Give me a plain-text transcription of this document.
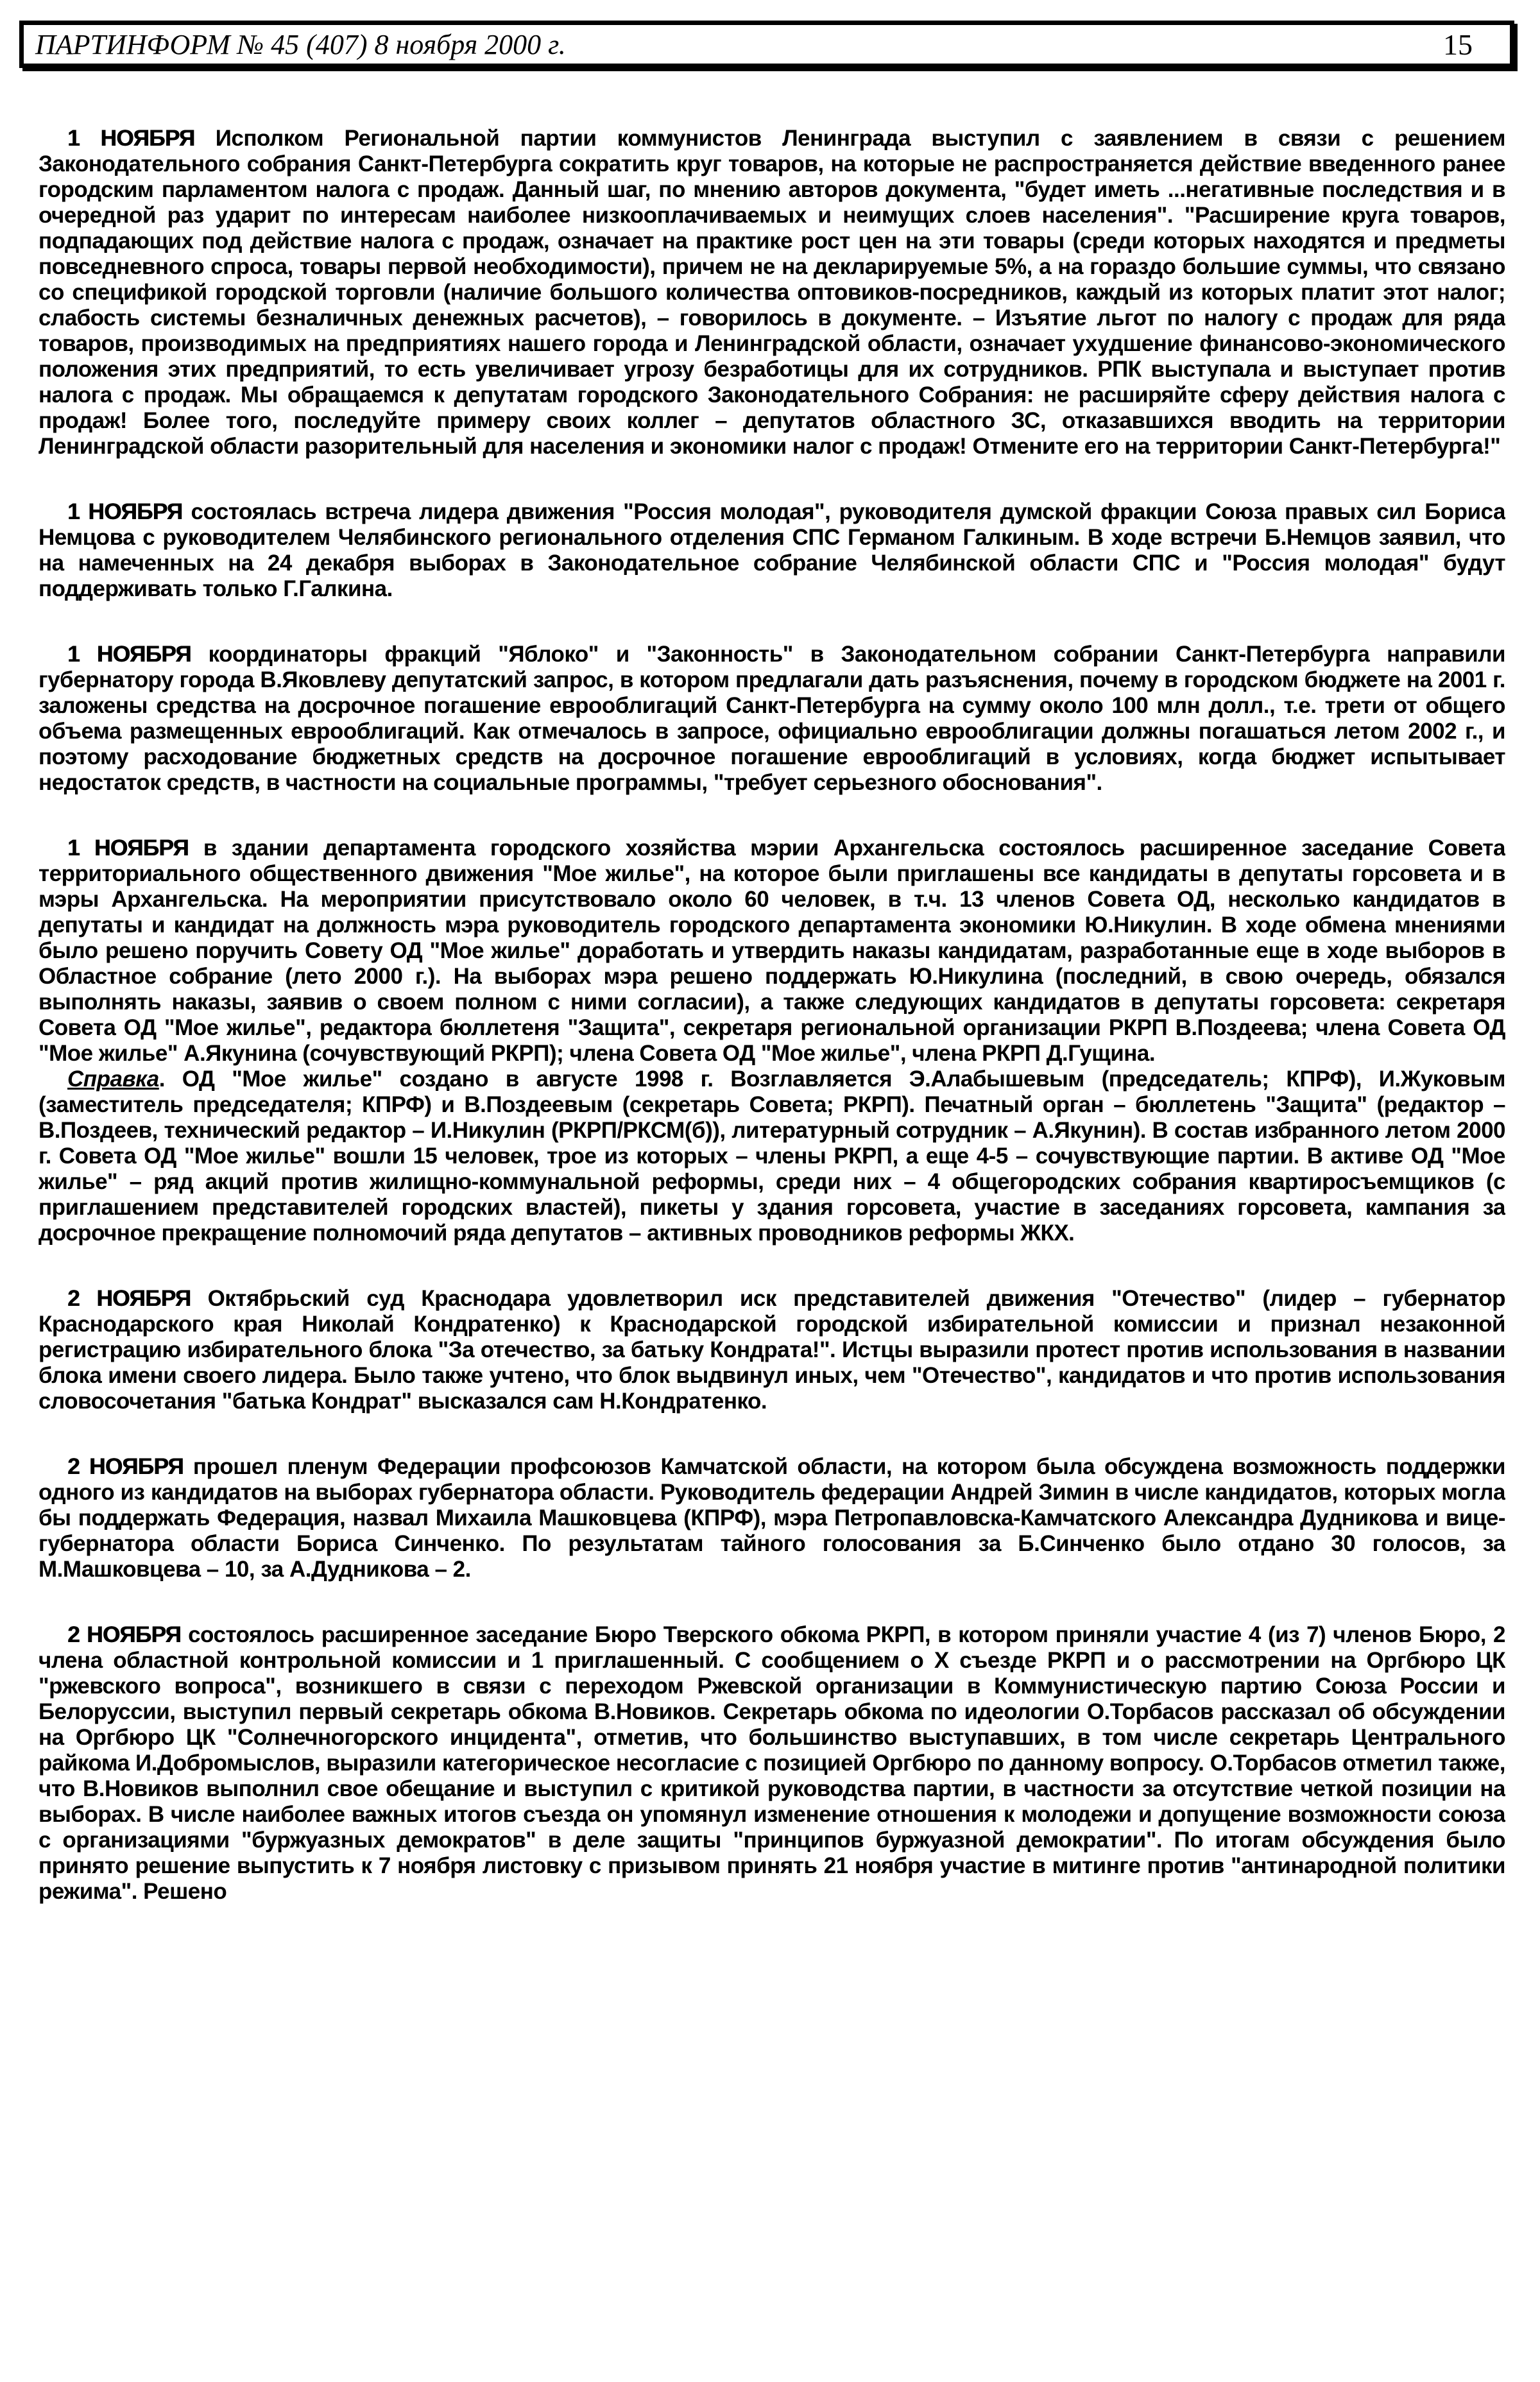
ПАРТИНФОРМ № 45 (407) 8 ноября 2000 г.	15

1 НОЯБРЯ Исполком Региональной партии коммунистов Ленинграда выступил с заявлением в связи с решением Законодательного собрания Санкт-Петербурга сократить круг товаров, на которые не распространяется действие введенного ранее городским парламентом налога с продаж. Данный шаг, по мнению авторов документа, "будет иметь ...негативные последствия и в очередной раз ударит по интересам наиболее низкооплачиваемых и неимущих слоев населения". "Расширение круга товаров, подпадающих под действие налога с продаж, означает на практике рост цен на эти товары (среди которых находятся и предметы повседневного спроса, товары первой необходимости), причем не на декларируемые 5%, а на гораздо большие суммы, что связано со спецификой городской торговли (наличие большого количества оптовиков-посредников, каждый из которых платит этот налог; слабость системы безналичных денежных расчетов), – говорилось в документе. – Изъятие льгот по налогу с продаж для ряда товаров, производимых на предприятиях нашего города и Ленинградской области, означает ухудшение финансово-экономического положения этих предприятий, то есть увеличивает угрозу безработицы для их сотрудников. РПК выступала и выступает против налога с продаж. Мы обращаемся к депутатам городского Законодательного Собрания: не расширяйте сферу действия налога с продаж! Более того, последуйте примеру своих коллег – депутатов областного ЗС, отказавшихся вводить на территории Ленинградской области разорительный для населения и экономики налог с продаж! Отмените его на территории Санкт-Петербурга!"

1 НОЯБРЯ состоялась встреча лидера движения "Россия молодая", руководителя думской фракции Союза правых сил Бориса Немцова с руководителем Челябинского регионального отделения СПС Германом Галкиным. В ходе встречи Б.Немцов заявил, что на намеченных на 24 декабря выборах в Законодательное собрание Челябинской области СПС и "Россия молодая" будут поддерживать только Г.Галкина.

1 НОЯБРЯ координаторы фракций "Яблоко" и "Законность" в Законодательном собрании Санкт-Петербурга направили губернатору города В.Яковлеву депутатский запрос, в котором предлагали дать разъяснения, почему в городском бюджете на 2001 г. заложены средства на досрочное погашение еврооблигаций Санкт-Петербурга на сумму около 100 млн долл., т.е. трети от общего объема размещенных еврооблигаций. Как отмечалось в запросе, официально еврооблигации должны погашаться летом 2002 г., и поэтому расходование бюджетных средств на досрочное погашение еврооблигаций в условиях, когда бюджет испытывает недостаток средств, в частности на социальные программы, "требует серьезного обоснования".

1 НОЯБРЯ в здании департамента городского хозяйства мэрии Архангельска состоялось расширенное заседание Совета территориального общественного движения "Мое жилье", на которое были приглашены все кандидаты в депутаты горсовета и в мэры Архангельска. На мероприятии присутствовало около 60 человек, в т.ч. 13 членов Совета ОД, несколько кандидатов в депутаты и кандидат на должность мэра руководитель городского департамента экономики Ю.Никулин. В ходе обмена мнениями было решено поручить Совету ОД "Мое жилье" доработать и утвердить наказы кандидатам, разработанные еще в ходе выборов в Областное собрание (лето 2000 г.). На выборах мэра решено поддержать Ю.Никулина (последний, в свою очередь, обязался выполнять наказы, заявив о своем полном с ними согласии), а также следующих кандидатов в депутаты горсовета: секретаря Совета ОД "Мое жилье", редактора бюллетеня "Защита", секретаря региональной организации РКРП В.Поздеева; члена Совета ОД "Мое жилье" А.Якунина (сочувствующий РКРП); члена Совета ОД "Мое жилье", члена РКРП Д.Гущина.

Справка. ОД "Мое жилье" создано в августе 1998 г. Возглавляется Э.Алабышевым (председатель; КПРФ), И.Жуковым (заместитель председателя; КПРФ) и В.Поздеевым (секретарь Совета; РКРП). Печатный орган – бюллетень "Защита" (редактор – В.Поздеев, технический редактор – И.Никулин (РКРП/РКСМ(б)), литературный сотрудник – А.Якунин). В состав избранного летом 2000 г. Совета ОД "Мое жилье" вошли 15 человек, трое из которых – члены РКРП, а еще 4-5 – сочувствующие партии. В активе ОД "Мое жилье" – ряд акций против жилищно-коммунальной реформы, среди них – 4 общегородских собрания квартиросъемщиков (с приглашением представителей городских властей), пикеты у здания горсовета, участие в заседаниях горсовета, кампания за досрочное прекращение полномочий ряда депутатов – активных проводников реформы ЖКХ.

2 НОЯБРЯ Октябрьский суд Краснодара удовлетворил иск представителей движения "Отечество" (лидер – губернатор Краснодарского края Николай Кондратенко) к Краснодарской городской избирательной комиссии и признал незаконной регистрацию избирательного блока "За отечество, за батьку Кондрата!". Истцы выразили протест против использования в названии блока имени своего лидера. Было также учтено, что блок выдвинул иных, чем "Отечество", кандидатов и что против использования словосочетания "батька Кондрат" высказался сам Н.Кондратенко.

2 НОЯБРЯ прошел пленум Федерации профсоюзов Камчатской области, на котором была обсуждена возможность поддержки одного из кандидатов на выборах губернатора области. Руководитель федерации Андрей Зимин в числе кандидатов, которых могла бы поддержать Федерация, назвал Михаила Машковцева (КПРФ), мэра Петропавловска-Камчатского Александра Дудникова и вице-губернатора области Бориса Синченко. По результатам тайного голосования за Б.Синченко было отдано 30 голосов, за М.Машковцева – 10, за А.Дудникова – 2.

2 НОЯБРЯ состоялось расширенное заседание Бюро Тверского обкома РКРП, в котором приняли участие 4 (из 7) членов Бюро, 2 члена областной контрольной комиссии и 1 приглашенный. С сообщением о X съезде РКРП и о рассмотрении на Оргбюро ЦК "ржевского вопроса", возникшего в связи с переходом Ржевской организации в Коммунистическую партию Союза России и Белоруссии, выступил первый секретарь обкома В.Новиков. Секретарь обкома по идеологии О.Торбасов рассказал об обсуждении на Оргбюро ЦК "Солнечногорского инцидента", отметив, что большинство выступавших, в том числе секретарь Центрального райкома И.Добромыслов, выразили категорическое несогласие с позицией Оргбюро по данному вопросу. О.Торбасов отметил также, что В.Новиков выполнил свое обещание и выступил с критикой руководства партии, в частности за отсутствие четкой позиции на выборах. В числе наиболее важных итогов съезда он упомянул изменение отношения к молодежи и допущение возможности союза с организациями "буржуазных демократов" в деле защиты "принципов буржуазной демократии". По итогам обсуждения было принято решение выпустить к 7 ноября листовку с призывом принять 21 ноября участие в митинге против "антинародной политики режима". Решено
